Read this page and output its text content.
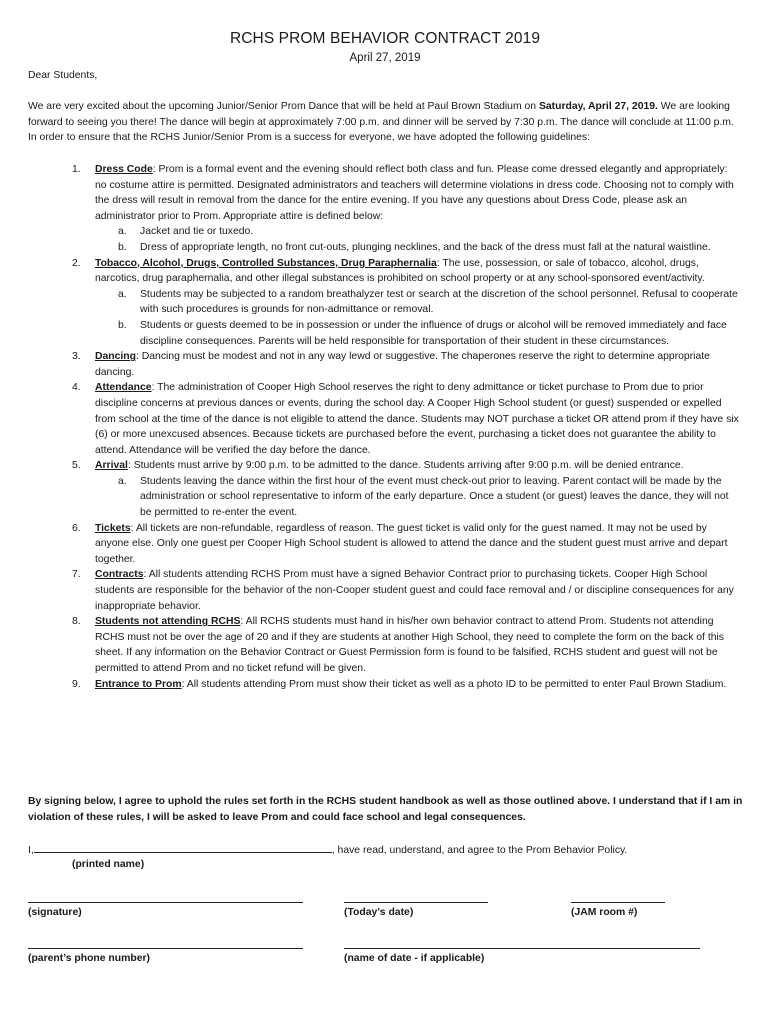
RCHS PROM BEHAVIOR CONTRACT 2019
April 27, 2019
Dear Students,
We are very excited about the upcoming Junior/Senior Prom Dance that will be held at Paul Brown Stadium on Saturday, April 27, 2019. We are looking forward to seeing you there! The dance will begin at approximately 7:00 p.m. and dinner will be served by 7:30 p.m. The dance will conclude at 11:00 p.m. In order to ensure that the RCHS Junior/Senior Prom is a success for everyone, we have adopted the following guidelines:
1. Dress Code: Prom is a formal event and the evening should reflect both class and fun. Please come dressed elegantly and appropriately: no costume attire is permitted. Designated administrators and teachers will determine violations in dress code. Choosing not to comply with the dress will result in removal from the dance for the entire evening. If you have any questions about Dress Code, please ask an administrator prior to Prom. Appropriate attire is defined below:
a. Jacket and tie or tuxedo.
b. Dress of appropriate length, no front cut-outs, plunging necklines, and the back of the dress must fall at the natural waistline.
2. Tobacco, Alcohol, Drugs, Controlled Substances, Drug Paraphernalia: The use, possession, or sale of tobacco, alcohol, drugs, narcotics, drug paraphernalia, and other illegal substances is prohibited on school property or at any school-sponsored event/activity.
a. Students may be subjected to a random breathalyzer test or search at the discretion of the school personnel. Refusal to cooperate with such procedures is grounds for non-admittance or removal.
b. Students or guests deemed to be in possession or under the influence of drugs or alcohol will be removed immediately and face discipline consequences. Parents will be held responsible for transportation of their student in these circumstances.
3. Dancing: Dancing must be modest and not in any way lewd or suggestive. The chaperones reserve the right to determine appropriate dancing.
4. Attendance: The administration of Cooper High School reserves the right to deny admittance or ticket purchase to Prom due to prior discipline concerns at previous dances or events, during the school day. A Cooper High School student (or guest) suspended or expelled from school at the time of the dance is not eligible to attend the dance. Students may NOT purchase a ticket OR attend prom if they have six (6) or more unexcused absences. Because tickets are purchased before the event, purchasing a ticket does not guarantee the ability to attend. Attendance will be verified the day before the dance.
5. Arrival: Students must arrive by 9:00 p.m. to be admitted to the dance. Students arriving after 9:00 p.m. will be denied entrance.
a. Students leaving the dance within the first hour of the event must check-out prior to leaving. Parent contact will be made by the administration or school representative to inform of the early departure. Once a student (or guest) leaves the dance, they will not be permitted to re-enter the event.
6. Tickets: All tickets are non-refundable, regardless of reason. The guest ticket is valid only for the guest named. It may not be used by anyone else. Only one guest per Cooper High School student is allowed to attend the dance and the student guest must arrive and depart together.
7. Contracts: All students attending RCHS Prom must have a signed Behavior Contract prior to purchasing tickets. Cooper High School students are responsible for the behavior of the non-Cooper student guest and could face removal and / or discipline consequences for any inappropriate behavior.
8. Students not attending RCHS: All RCHS students must hand in his/her own behavior contract to attend Prom. Students not attending RCHS must not be over the age of 20 and if they are students at another High School, they need to complete the form on the back of this sheet. If any information on the Behavior Contract or Guest Permission form is found to be falsified, RCHS student and guest will not be permitted to attend Prom and no ticket refund will be given.
9. Entrance to Prom: All students attending Prom must show their ticket as well as a photo ID to be permitted to enter Paul Brown Stadium.
By signing below, I agree to uphold the rules set forth in the RCHS student handbook as well as those outlined above. I understand that if I am in violation of these rules, I will be asked to leave Prom and could face school and legal consequences.
I,	, have read, understand, and agree to the Prom Behavior Policy.
(printed name)
(signature)	(Today’s date)	(JAM room #)
(parent’s phone number)	(name of date - if applicable)
